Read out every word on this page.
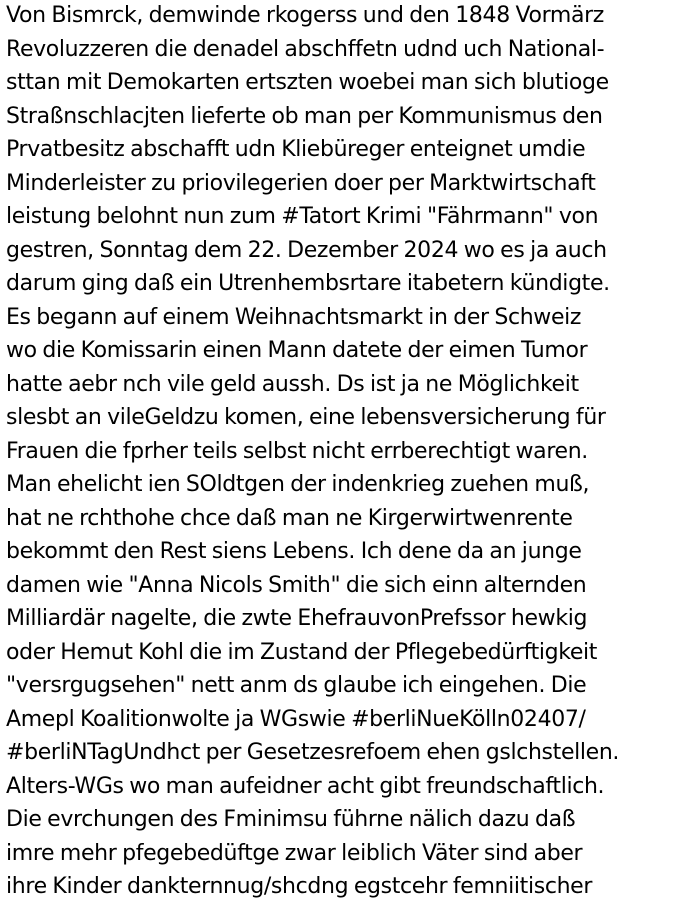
Von Bismrck, demwinde rkogerss und den 1848 Vormärz
Revoluzzeren die denadel abschffetn udnd uch National-
sttan mit Demokarten ertszten woebei man sich blutiоge
Straßnschlacjten lieferte ob man per Kommunismus den
Prvatbesitz abschafft udn Kliebüreger enteignet umdie
Minderleister zu priovilegerien doer per Marktwirtschaft
leistung belohnt nun zum #Tatort Krimi "Fährmann" von
gestren, Sonntag dem 22. Dezember 2024 wo es ja auch
darum ging daß ein Utrenhembsrtare itabetern kündigte.
Es begann auf einem Weihnachtsmarkt in der Schweiz
wo die Komissarin einen Mann datete der eimen Tumor
hatte aebr nch vile geld aussh. Ds ist ja ne Möglichkeit
slesbt an vileGeldzu komen, eine lebensversicherung für
Frauen die fprher teils selbst nicht errberechtigt waren.
Man ehelicht ien SOldtgen der indenkrieg zuehen muß,
hat ne rchthohe chce daß man ne Kirgerwirtwenrente
bekommt den Rest siens Lebens. Ich dene da an junge
damen wie "Anna Nicols Smith" die sich einn alternden
Milliardär nagelte, die zwte EhefrauvonPrefssor hewkig
oder Hemut Kohl die im Zustand der Pflegebedürftigkeit
"versrgugsehen" nett anm ds glaube ich eingehen. Die
Amepl Koalitionwolte ja WGswie #berliNueKölln02407/
#berliNTagUndhct per Gesetzesrefoem ehen gslchstellen.
Alters-WGs wo man aufeidner acht gibt freundschaftlich.
Die evrchungen des Fminimsu führne nälich dazu daß
imre mehr pfegebedüftge zwar leiblich Väter sind aber
ihre Kinder dankternnug/shcdng egstcehr femniitischer
